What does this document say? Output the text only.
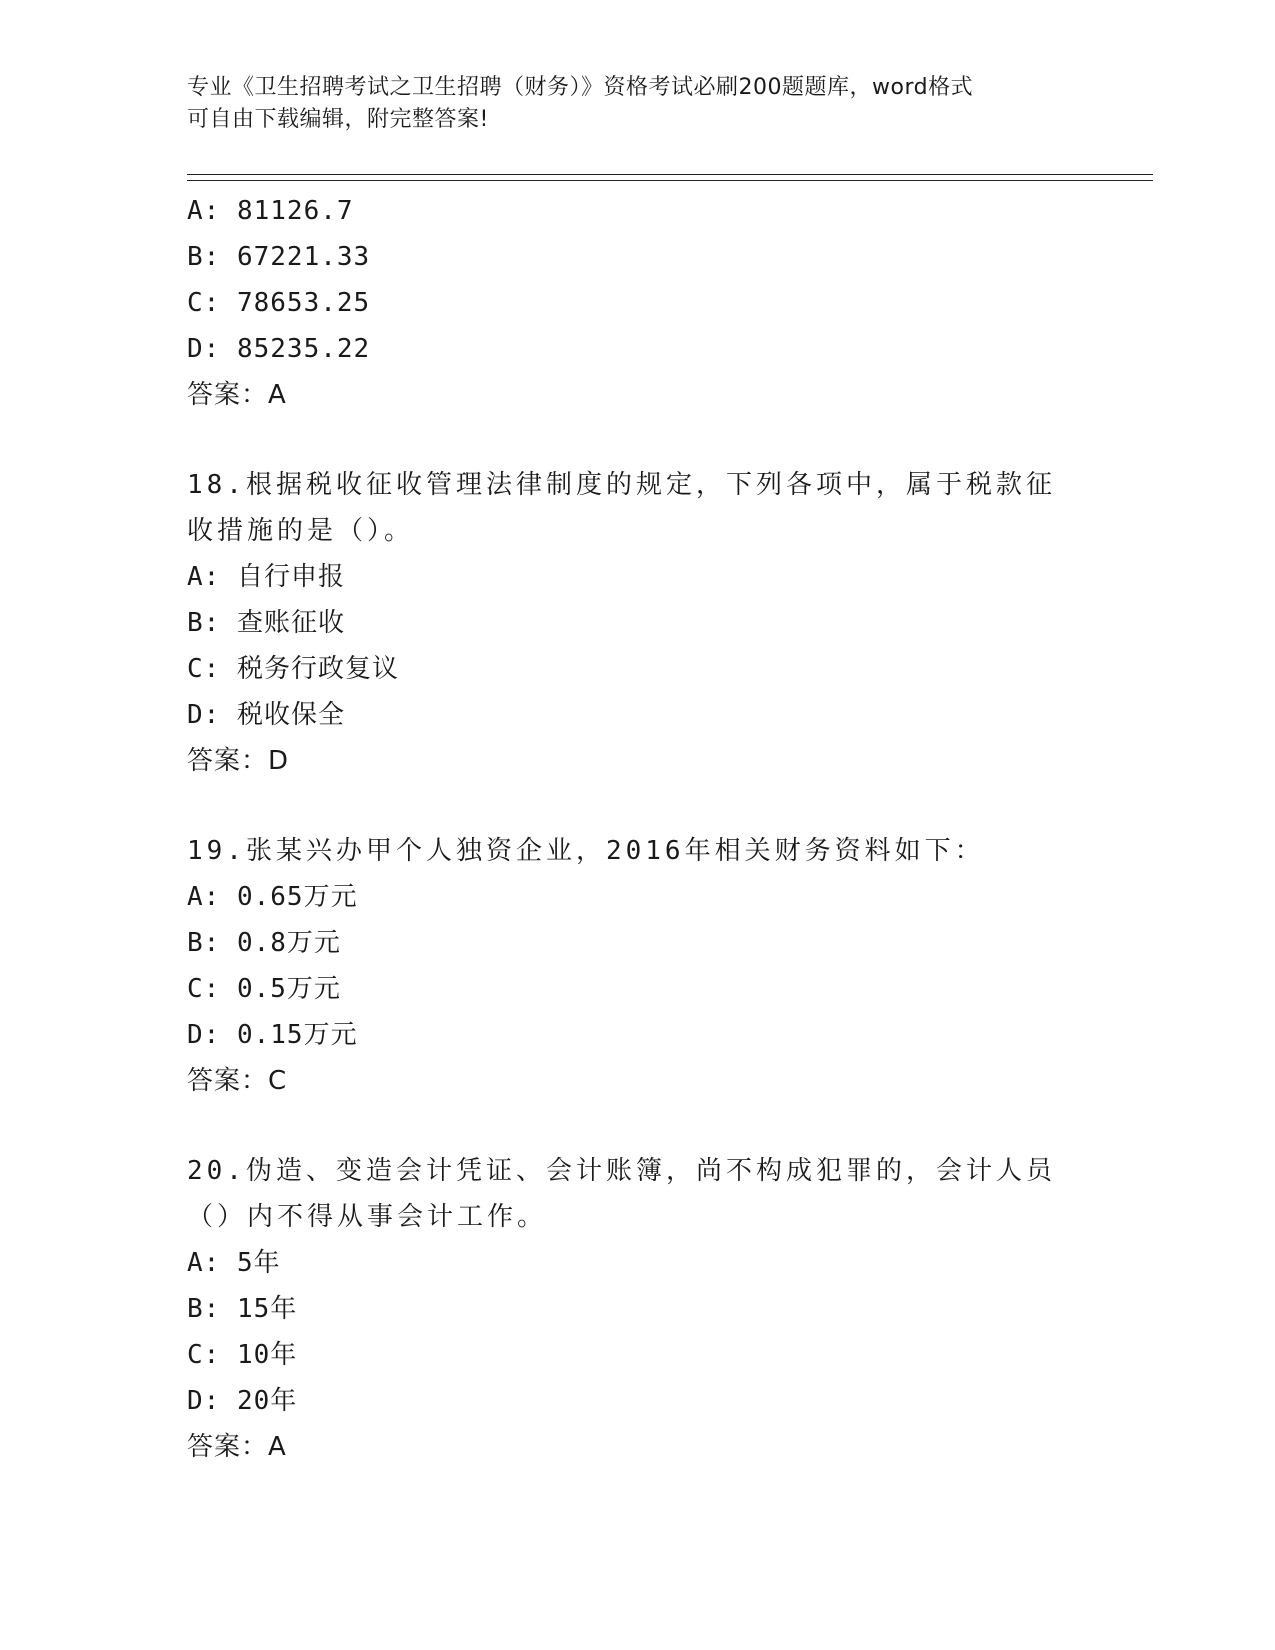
专业《卫生招聘考试之卫生招聘（财务）》资格考试必刷200题题库，word格式
可自由下载编辑，附完整答案!
A: 81126.7
B: 67221.33
C: 78653.25
D: 85235.22
答案：A
18.根据税收征收管理法律制度的规定，下列各项中，属于税款征收措施的是（）。
A: 自行申报
B: 查账征收
C: 税务行政复议
D: 税收保全
答案：D
19.张某兴办甲个人独资企业，2016年相关财务资料如下：
A: 0.65万元
B: 0.8万元
C: 0.5万元
D: 0.15万元
答案：C
20.伪造、变造会计凭证、会计账簿，尚不构成犯罪的，会计人员（）内不得从事会计工作。
A: 5年
B: 15年
C: 10年
D: 20年
答案：A
